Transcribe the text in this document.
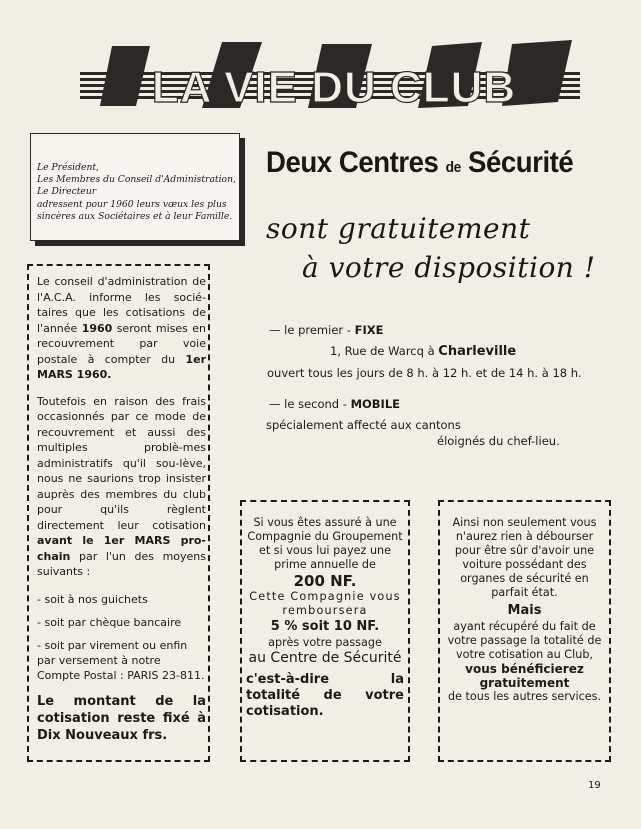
LA VIE DU CLUB
Le Président,
Les Membres du Conseil d'Administration,
Le Directeur
adressent pour 1960 leurs vœux les plus
sincères aux Sociétaires et à leur Famille.

Le conseil d'administration de l'A.C.A. informe les socié-taires que les cotisations de l'année 1960 seront mises en recouvrement par voie postale à compter du 1er MARS 1960.

Toutefois en raison des frais occasionnés par ce mode de recouvrement et aussi des multiples problè-mes administratifs qu'il sou-lève, nous ne saurions trop insister auprès des membres du club pour qu'ils règlent directement leur cotisation avant le 1er MARS pro-chain par l'un des moyens suivants :

- soit à nos guichets

- soit par chèque bancaire

- soit par virement ou enfin par versement à notre Compte Postal : PARIS 23-811.

Le montant de la cotisation reste fixé à Dix Nouveaux frs.

Deux Centres de Sécurité
sont gratuitement
à votre disposition !
— le premier - FIXE
1, Rue de Warcq à Charleville
ouvert tous les jours de 8 h. à 12 h. et de 14 h. à 18 h.
— le second - MOBILE
spécialement affecté aux cantons
éloignés du chef-lieu.

Si vous êtes assuré à une Compagnie du Groupement et si vous lui payez une prime annuelle de

200 NF.

Cette Compagnie vous remboursera

5 % soit 10 NF.

après votre passage

au Centre de Sécurité

c'est-à-dire la totalité de votre cotisation.

Ainsi non seulement vous n'aurez rien à débourser pour être sûr d'avoir une voiture possédant des organes de sécurité en parfait état.

Mais

ayant récupéré du fait de votre passage la totalité de votre cotisation au Club,

vous bénéficierez gratuitement

de tous les autres services.

19
